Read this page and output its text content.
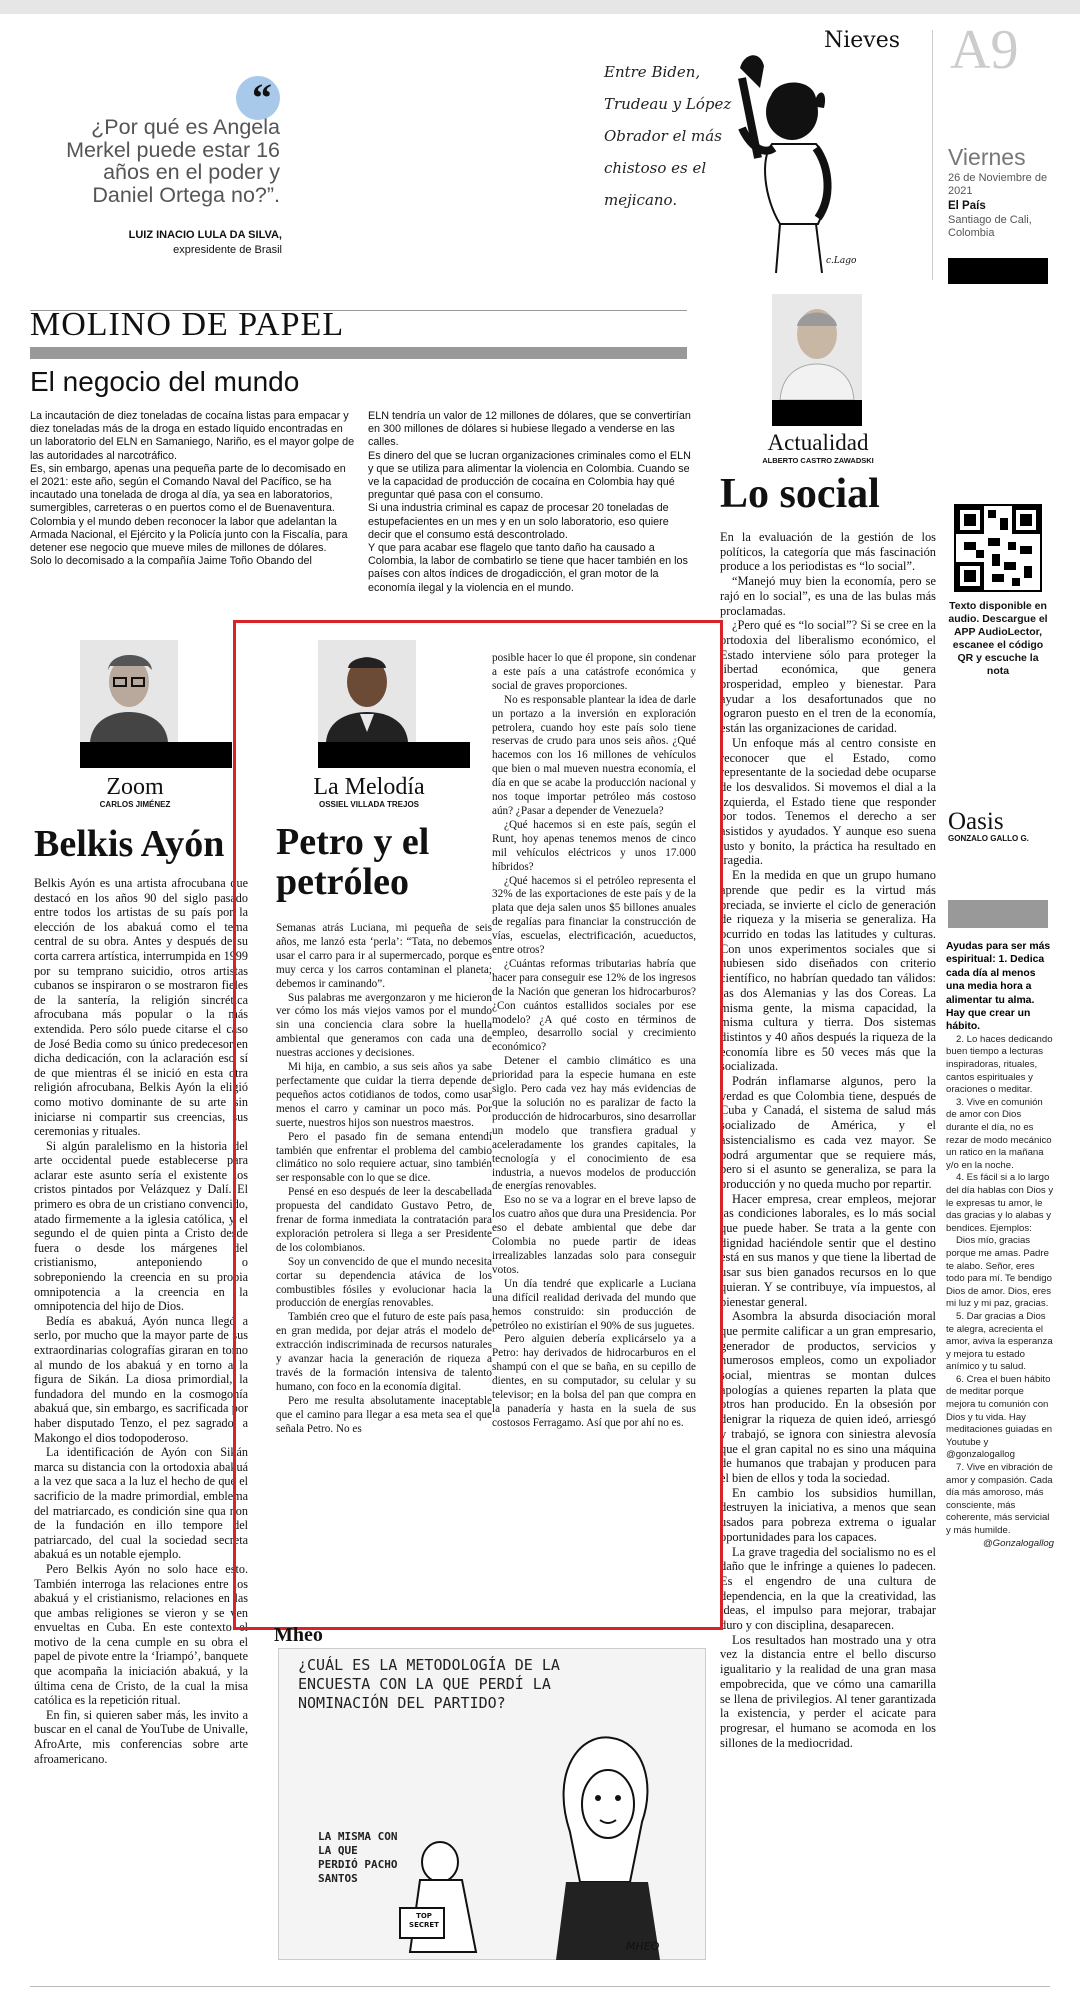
“
¿Por qué es Angela Merkel puede estar 16 años en el poder y Daniel Ortega no?”.
LUIZ INACIO LULA DA SILVA,
expresidente de Brasil
Nieves
Entre Biden, Trudeau y López Obrador el más chistoso es el mejicano.
c.Lago
A9
Viernes
26 de Noviembre de 2021
El País
Santiago de Cali, Colombia
MOLINO DE PAPEL
El negocio del mundo
La incautación de diez toneladas de cocaína listas para empacar y diez toneladas más de la droga en estado líquido encontradas en un laboratorio del ELN en Samaniego, Nariño, es el mayor golpe de las autoridades al narcotráfico.
Es, sin embargo, apenas una pequeña parte de lo decomisado en el 2021: este año, según el Comando Naval del Pacífico, se ha incautado una tonelada de droga al día, ya sea en laboratorios, sumergibles, carreteras o en puertos como el de Buenaventura.
Colombia y el mundo deben reconocer la labor que adelantan la Armada Nacional, el Ejército y la Policía junto con la Fiscalía, para detener ese negocio que mueve miles de millones de dólares.
Solo lo decomisado a la compañía Jaime Toño Obando del
ELN tendría un valor de 12 millones de dólares, que se convertirían en 300 millones de dólares si hubiese llegado a venderse en las calles.
Es dinero del que se lucran organizaciones criminales como el ELN y que se utiliza para alimentar la violencia en Colombia. Cuando se ve la capacidad de producción de cocaína en Colombia hay qué preguntar qué pasa con el consumo.
Si una industria criminal es capaz de procesar 20 toneladas de estupefacientes en un mes y en un solo laboratorio, eso quiere decir que el consumo está descontrolado.
Y que para acabar ese flagelo que tanto daño ha causado a Colombia, la labor de combatirlo se tiene que hacer también en los países con altos índices de drogadicción, el gran motor de la economía ilegal y la violencia en el mundo.
Actualidad
ALBERTO CASTRO ZAWADSKI
Lo social

En la evaluación de la gestión de los políticos, la categoría que más fascinación produce a los periodistas es “lo social”.

“Manejó muy bien la economía, pero se rajó en lo social”, es una de las bulas más proclamadas.

¿Pero qué es “lo social”? Si se cree en la ortodoxia del liberalismo económico, el Estado interviene sólo para proteger la libertad económica, que genera prosperidad, empleo y bienestar. Para ayudar a los desafortunados que no lograron puesto en el tren de la economía, están las organizaciones de caridad.

Un enfoque más al centro consiste en reconocer que el Estado, como representante de la sociedad debe ocuparse de los desvalidos. Si movemos el dial a la izquierda, el Estado tiene que responder por todos. Tenemos el derecho a ser asistidos y ayudados. Y aunque eso suena justo y bonito, la práctica ha resultado en tragedia.

En la medida en que un grupo humano aprende que pedir es la virtud más preciada, se invierte el ciclo de generación de riqueza y la miseria se generaliza. Ha ocurrido en todas las latitudes y culturas. Con unos experimentos sociales que si hubiesen sido diseñados con criterio científico, no habrían quedado tan válidos: las dos Alemanias y las dos Coreas. La misma gente, la misma capacidad, la misma cultura y tierra. Dos sistemas distintos y 40 años después la riqueza de la economía libre es 50 veces más que la socializada.

Podrán inflamarse algunos, pero la verdad es que Colombia tiene, después de Cuba y Canadá, el sistema de salud más socializado de América, y el asistencialismo es cada vez mayor. Se podrá argumentar que se requiere más, pero si el asunto se generaliza, se para la producción y no queda mucho por repartir.

Hacer empresa, crear empleos, mejorar las condiciones laborales, es lo más social que puede haber. Se trata a la gente con dignidad haciéndole sentir que el destino está en sus manos y que tiene la libertad de usar sus bien ganados recursos en lo que quieran. Y se contribuye, vía impuestos, al bienestar general.

Asombra la absurda disociación moral que permite calificar a un gran empresario, generador de productos, servicios y numerosos empleos, como un expoliador social, mientras se montan dulces apologías a quienes reparten la plata que otros han producido. En la obsesión por denigrar la riqueza de quien ideó, arriesgó y trabajó, se ignora con siniestra alevosía que el gran capital no es sino una máquina de humanos que trabajan y producen para el bien de ellos y toda la sociedad.

En cambio los subsidios humillan, destruyen la iniciativa, a menos que sean usados para pobreza extrema o igualar oportunidades para los capaces.

La grave tragedia del socialismo no es el daño que le infringe a quienes lo padecen. Es el engendro de una cultura de dependencia, en la que la creatividad, las ideas, el impulso para mejorar, trabajar duro y con disciplina, desaparecen.

Los resultados han mostrado una y otra vez la distancia entre el bello discurso igualitario y la realidad de una gran masa empobrecida, que ve cómo una camarilla se llena de privilegios. Al tener garantizada la existencia, y perder el acicate para progresar, el humano se acomoda en los sillones de la mediocridad.

Texto disponible en audio. Descargue el APP AudioLector, escanee el código QR y escuche la nota
Oasis
GONZALO GALLO G.
Ayudas para ser más espiritual: 1. Dedica cada día al menos una media hora a alimentar tu alma. Hay que crear un hábito.
2. Lo haces dedicando buen tiempo a lecturas inspiradoras, rituales, cantos espirituales y oraciones o meditar.
3. Vive en comunión de amor con Dios durante el día, no es rezar de modo mecánico un ratico en la mañana y/o en la noche.
4. Es fácil si a lo largo del día hablas con Dios y le expresas tu amor, le das gracias y lo alabas y bendices. Ejemplos:
Dios mío, gracias porque me amas. Padre te alabo. Señor, eres todo para mí. Te bendigo Dios de amor. Dios, eres mi luz y mi paz, gracias.
5. Dar gracias a Dios te alegra, acrecienta el amor, aviva la esperanza y mejora tu estado anímico y tu salud.
6. Crea el buen hábito de meditar porque mejora tu comunión con Dios y tu vida. Hay meditaciones guiadas en Youtube y @gonzalogallog
7. Vive en vibración de amor y compasión. Cada día más amoroso, más consciente, más coherente, más servicial y más humilde.
@Gonzalogallog
Zoom
CARLOS JIMÉNEZ
Belkis Ayón

Belkis Ayón es una artista afrocubana que destacó en los años 90 del siglo pasado entre todos los artistas de su país por la elección de los abakuá como el tema central de su obra. Antes y después de su corta carrera artística, interrumpida en 1999 por su temprano suicidio, otros artistas cubanos se inspiraron o se mostraron fieles de la santería, la religión sincrética afrocubana más popular o la más extendida. Pero sólo puede citarse el caso de José Bedia como su único predecesor en dicha dedicación, con la aclaración eso sí de que mientras él se inició en esta otra religión afrocubana, Belkis Ayón la eligió como motivo dominante de su arte sin iniciarse ni compartir sus creencias, sus ceremonias y rituales.

Si algún paralelismo en la historia del arte occidental puede establecerse para aclarar este asunto sería el existente los cristos pintados por Velázquez y Dalí. El primero es obra de un cristiano convencido, atado firmemente a la iglesia católica, y el segundo el de quien pinta a Cristo desde fuera o desde los márgenes del cristianismo, anteponiendo o sobreponiendo la creencia en su propia omnipotencia a la creencia en la omnipotencia del hijo de Dios.

Bedía es abakuá, Ayón nunca llegó a serlo, por mucho que la mayor parte de sus extraordinarias colografías giraran en torno al mundo de los abakuá y en torno a la figura de Sikán. La diosa primordial, la fundadora del mundo en la cosmogonía abakuá que, sin embargo, es sacrificada por haber disputado Tenzo, el pez sagrado, a Makongo el dios todopoderoso.

La identificación de Ayón con Sikán marca su distancia con la ortodoxia abakuá a la vez que saca a la luz el hecho de que el sacrificio de la madre primordial, emblema del matriarcado, es condición sine qua non de la fundación en illo tempore del patriarcado, del cual la sociedad secreta abakuá es un notable ejemplo.

Pero Belkis Ayón no solo hace esto. También interroga las relaciones entre los abakuá y el cristianismo, relaciones en las que ambas religiones se vieron y se ven envueltas en Cuba. En este contexto el motivo de la cena cumple en su obra el papel de pivote entre la ‘Iriampó’, banquete que acompaña la iniciación abakuá, y la última cena de Cristo, de la cual la misa católica es la repetición ritual.

En fin, si quieren saber más, les invito a buscar en el canal de YouTube de Univalle, AfroArte, mis conferencias sobre arte afroamericano.

La Melodía
OSSIEL VILLADA TREJOS
Petro y el petróleo

Semanas atrás Luciana, mi pequeña de seis años, me lanzó esta ‘perla’: “Tata, no debemos usar el carro para ir al supermercado, porque es muy cerca y los carros contaminan el planeta; debemos ir caminando”.

Sus palabras me avergonzaron y me hicieron ver cómo los más viejos vamos por el mundo sin una conciencia clara sobre la huella ambiental que generamos con cada una de nuestras acciones y decisiones.

Mi hija, en cambio, a sus seis años ya sabe perfectamente que cuidar la tierra depende de pequeños actos cotidianos de todos, como usar menos el carro y caminar un poco más. Por suerte, nuestros hijos son nuestros maestros.

Pero el pasado fin de semana entendí también que enfrentar el problema del cambio climático no solo requiere actuar, sino también ser responsable con lo que se dice.

Pensé en eso después de leer la descabellada propuesta del candidato Gustavo Petro, de frenar de forma inmediata la contratación para exploración petrolera si llega a ser Presidente de los colombianos.

Soy un convencido de que el mundo necesita cortar su dependencia atávica de los combustibles fósiles y evolucionar hacia la producción de energías renovables.

También creo que el futuro de este país pasa, en gran medida, por dejar atrás el modelo de extracción indiscriminada de recursos naturales y avanzar hacia la generación de riqueza a través de la formación intensiva de talento humano, con foco en la economía digital.

Pero me resulta absolutamente inaceptable que el camino para llegar a esa meta sea el que señala Petro. No es

posible hacer lo que él propone, sin condenar a este país a una catástrofe económica y social de graves proporciones.

No es responsable plantear la idea de darle un portazo a la inversión en exploración petrolera, cuando hoy este país solo tiene reservas de crudo para unos seis años. ¿Qué hacemos con los 16 millones de vehículos que bien o mal mueven nuestra economía, el día en que se acabe la producción nacional y nos toque importar petróleo más costoso aún? ¿Pasar a depender de Venezuela?

¿Qué hacemos si en este país, según el Runt, hoy apenas tenemos menos de cinco mil vehículos eléctricos y unos 17.000 híbridos?

¿Qué hacemos si el petróleo representa el 32% de las exportaciones de este país y de la plata que deja salen unos $5 billones anuales de regalías para financiar la construcción de vías, escuelas, electrificación, acueductos, entre otros?

¿Cuántas reformas tributarias habría que hacer para conseguir ese 12% de los ingresos de la Nación que generan los hidrocarburos? ¿Con cuántos estallidos sociales por ese modelo? ¿A qué costo en términos de empleo, desarrollo social y crecimiento económico?

Detener el cambio climático es una prioridad para la especie humana en este siglo. Pero cada vez hay más evidencias de que la solución no es paralizar de facto la producción de hidrocarburos, sino desarrollar un modelo que transfiera gradual y aceleradamente los grandes capitales, la tecnología y el conocimiento de esa industria, a nuevos modelos de producción de energías renovables.

Eso no se va a lograr en el breve lapso de los cuatro años que dura una Presidencia. Por eso el debate ambiental que debe dar Colombia no puede partir de ideas irrealizables lanzadas solo para conseguir votos.

Un día tendré que explicarle a Luciana una difícil realidad derivada del mundo que hemos construido: sin producción de petróleo no existirían el 90% de sus juguetes.

Pero alguien debería explicárselo ya a Petro: hay derivados de hidrocarburos en el shampú con el que se baña, en su cepillo de dientes, en su computador, su celular y su televisor; en la bolsa del pan que compra en la panadería y hasta en la suela de sus costosos Ferragamo. Así que por ahí no es.

Mheo
¿CUÁL ES LA METODOLOGÍA DE LA ENCUESTA CON LA QUE PERDÍ LA NOMINACIÓN DEL PARTIDO?
LA MISMA CON LA QUE PERDIÓ PACHO SANTOS
TOP SECRET
MHEO
